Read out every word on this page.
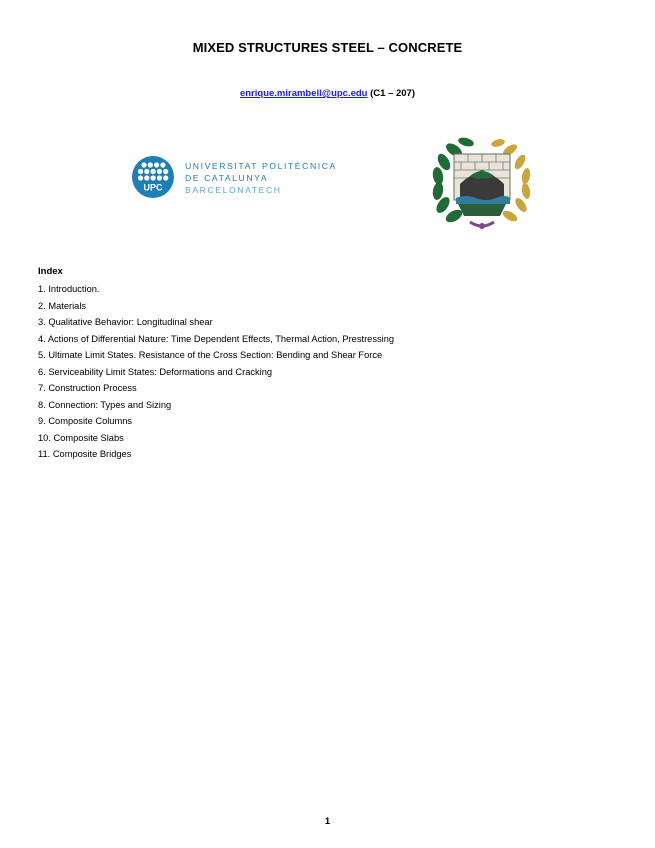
MIXED STRUCTURES STEEL – CONCRETE
enrique.mirambell@upc.edu (C1 – 207)
UPC
UNIVERSITAT POLITÈCNICA
DE CATALUNYA
BARCELONATECH
Index
1. Introduction.
2. Materials
3. Qualitative Behavior: Longitudinal shear
4. Actions of Differential Nature: Time Dependent Effects, Thermal Action, Prestressing
5. Ultimate Limit States. Resistance of the Cross Section: Bending and Shear Force
6. Serviceability Limit States: Deformations and Cracking
7. Construction Process
8. Connection: Types and Sizing
9. Composite Columns
10. Composite Slabs
11. Composite Bridges
1
